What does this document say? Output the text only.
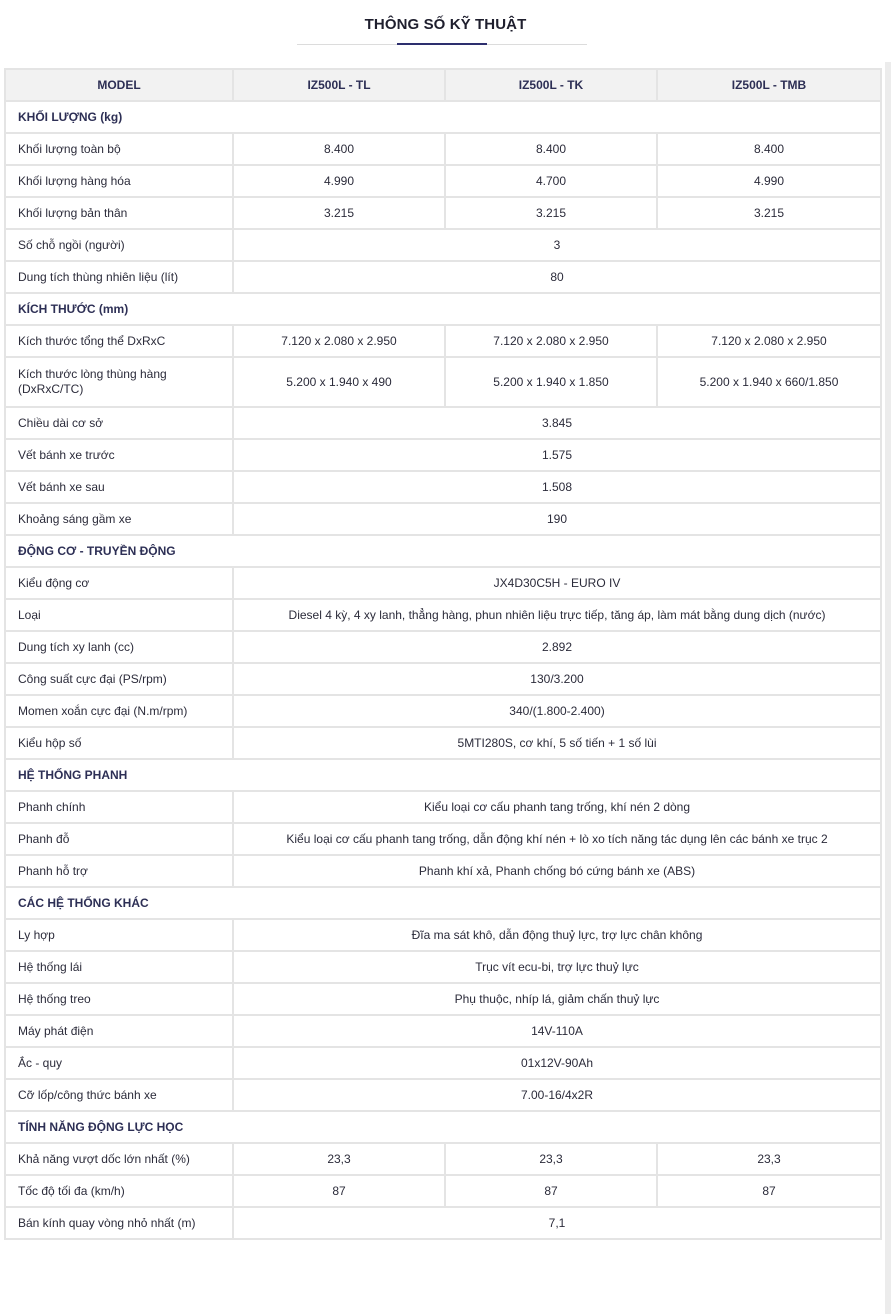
THÔNG SỐ KỸ THUẬT
MODEL	IZ500L - TL	IZ500L - TK	IZ500L - TMB
KHỐI LƯỢNG (kg)			
Khối lượng toàn bộ	8.400	8.400	8.400
Khối lượng hàng hóa	4.990	4.700	4.990
Khối lượng bản thân	3.215	3.215	3.215
Số chỗ ngồi (người)	3		
Dung tích thùng nhiên liệu (lít)	80		
KÍCH THƯỚC (mm)			
Kích thước tổng thể DxRxC	7.120 x 2.080 x 2.950	7.120 x 2.080 x 2.950	7.120 x 2.080 x 2.950
Kích thước lòng thùng hàng (DxRxC/TC)	5.200 x 1.940 x 490	5.200 x 1.940 x 1.850	5.200 x 1.940 x 660/1.850
Chiều dài cơ sở	3.845		
Vết bánh xe trước	1.575		
Vết bánh xe sau	1.508		
Khoảng sáng gầm xe	190		
ĐỘNG CƠ - TRUYỀN ĐỘNG			
Kiểu động cơ	JX4D30C5H - EURO IV		
Loại	Diesel 4 kỳ, 4 xy lanh, thẳng hàng, phun nhiên liệu trực tiếp, tăng áp, làm mát bằng dung dịch (nước)		
Dung tích xy lanh (cc)	2.892		
Công suất cực đại (PS/rpm)	130/3.200		
Momen xoắn cực đại (N.m/rpm)	340/(1.800-2.400)		
Kiểu hộp số	5MTI280S, cơ khí, 5 số tiến + 1 số lùi		
HỆ THỐNG PHANH			
Phanh chính	Kiểu loại cơ cấu phanh tang trống, khí nén 2 dòng		
Phanh đỗ	Kiểu loại cơ cấu phanh tang trống, dẫn động khí nén + lò xo tích năng tác dụng lên các bánh xe trục 2		
Phanh hỗ trợ	Phanh khí xả, Phanh chống bó cứng bánh xe (ABS)		
CÁC HỆ THỐNG KHÁC			
Ly hợp	Đĩa ma sát khô, dẫn động thuỷ lực, trợ lực chân không		
Hệ thống lái	Trục vít ecu-bi, trợ lực thuỷ lực		
Hệ thống treo	Phụ thuộc, nhíp lá, giảm chấn thuỷ lực		
Máy phát điện	14V-110A		
Ắc - quy	01x12V-90Ah		
Cỡ lốp/công thức bánh xe	7.00-16/4x2R		
TÍNH NĂNG ĐỘNG LỰC HỌC			
Khả năng vượt dốc lớn nhất (%)	23,3	23,3	23,3
Tốc độ tối đa (km/h)	87	87	87
Bán kính quay vòng nhỏ nhất (m)	7,1		
